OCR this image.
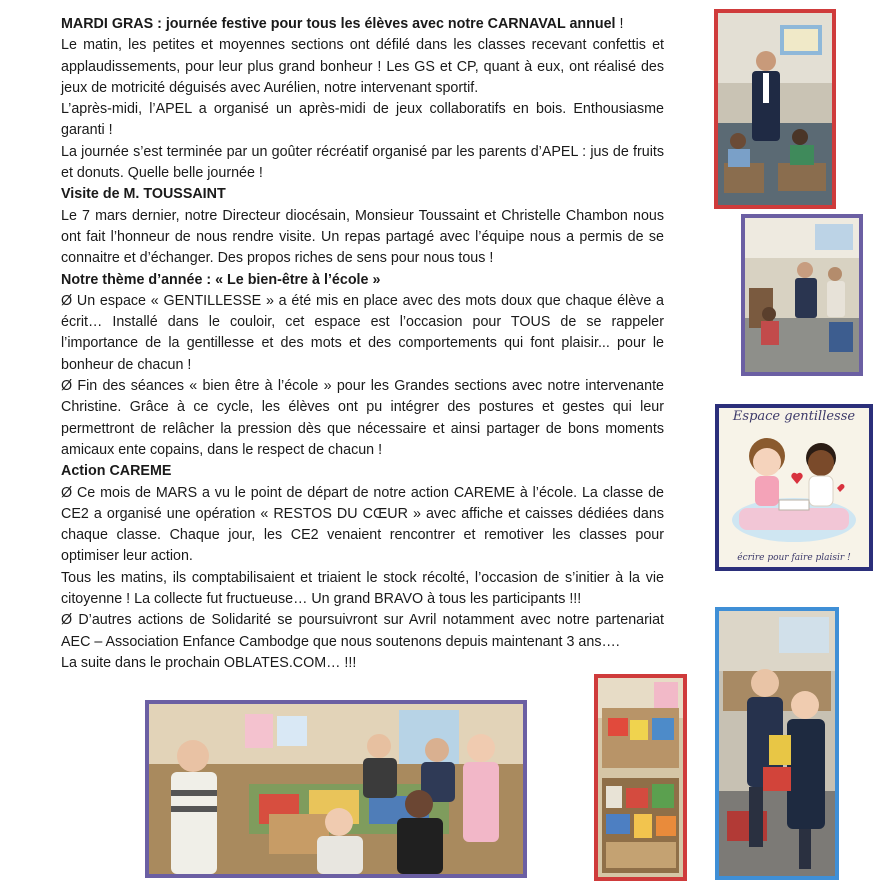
MARDI GRAS : journée festive pour tous les élèves avec notre CARNAVAL annuel !

Le matin, les petites et moyennes sections ont défilé dans les classes recevant confettis et applaudissements, pour leur plus grand bonheur ! Les GS et CP, quant à eux, ont réalisé des jeux de motricité déguisés avec Aurélien, notre intervenant sportif.

L’après-midi, l’APEL a organisé un après-midi de jeux collaboratifs en bois. Enthousiasme garanti !

La journée s’est terminée par un goûter récréatif organisé par les parents d’APEL : jus de fruits et donuts. Quelle belle journée !

Visite de M. TOUSSAINT

Le 7 mars dernier, notre Directeur diocésain, Monsieur Toussaint et Christelle Chambon nous ont fait l’honneur de nous rendre visite. Un repas partagé avec l’équipe nous a permis de se connaitre et d’échanger. Des propos riches de sens pour nous tous !

Notre thème d’année : « Le bien-être à l’école »

Ø Un espace « GENTILLESSE » a été mis en place avec des mots doux que chaque élève a écrit… Installé dans le couloir, cet espace est l’occasion pour TOUS de se rappeler l’importance de la gentillesse et des mots et des comportements qui font plaisir... pour le bonheur de chacun !

Ø Fin des séances « bien être à l’école » pour les Grandes sections avec notre intervenante Christine. Grâce à ce cycle, les élèves ont pu intégrer des postures et gestes qui leur permettront de relâcher la pression dès que nécessaire et ainsi partager de bons moments amicaux ente copains, dans le respect de chacun !

Action CAREME

Ø Ce mois de MARS a vu le point de départ de notre action CAREME à l’école. La classe de CE2 a organisé une opération « RESTOS DU CŒUR » avec affiche et caisses dédiées dans chaque classe. Chaque jour, les CE2 venaient rencontrer et remotiver les classes pour optimiser leur action.

Tous les matins, ils comptabilisaient et triaient le stock récolté, l’occasion de s’initier à la vie citoyenne ! La collecte fut fructueuse… Un grand BRAVO à tous les participants !!!

Ø D’autres actions de Solidarité se poursuivront sur Avril notamment avec notre partenariat AEC – Association Enfance Cambodge que nous soutenons depuis maintenant 3 ans….

La suite dans le prochain OBLATES.COM… !!!

Espace gentillesse
écrire pour faire plaisir !
